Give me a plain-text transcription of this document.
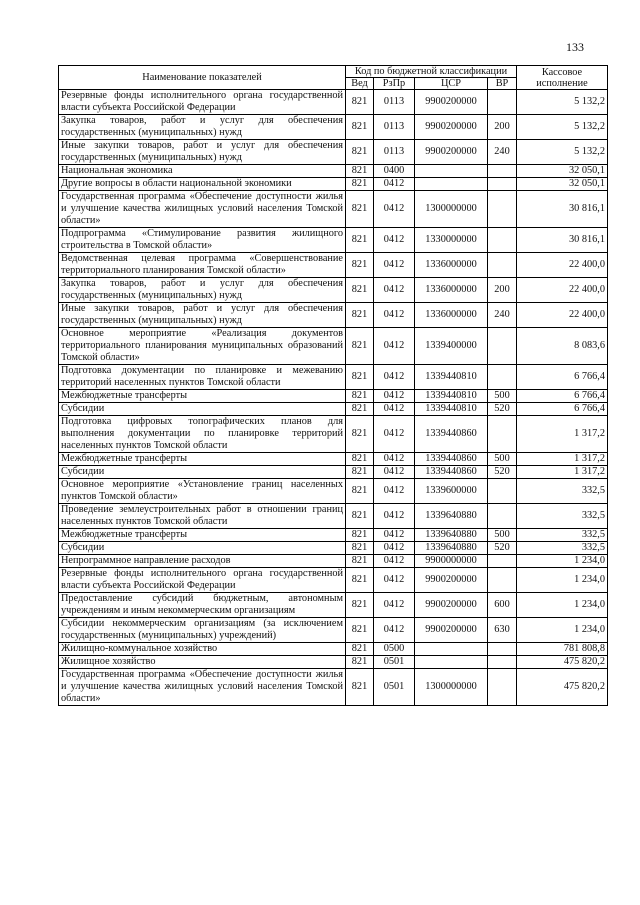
133
Наименование показателей	Код по бюджетной классификации				Кассовое исполнение
	Вед	РзПр	ЦСР	ВР	
Резервные фонды исполнительного органа государственной власти субъекта Российской Федерации	821	0113	9900200000		5 132,2
Закупка товаров, работ и услуг для обеспечения государственных (муниципальных) нужд	821	0113	9900200000	200	5 132,2
Иные закупки товаров, работ и услуг для обеспечения государственных (муниципальных) нужд	821	0113	9900200000	240	5 132,2
Национальная экономика	821	0400			32 050,1
Другие вопросы в области национальной экономики	821	0412			32 050,1
Государственная программа «Обеспечение доступности жилья и улучшение качества жилищных условий населения Томской области»	821	0412	1300000000		30 816,1
Подпрограмма «Стимулирование развития жилищного строительства в Томской области»	821	0412	1330000000		30 816,1
Ведомственная целевая программа «Совершенствование территориального планирования Томской области»	821	0412	1336000000		22 400,0
Закупка товаров, работ и услуг для обеспечения государственных (муниципальных) нужд	821	0412	1336000000	200	22 400,0
Иные закупки товаров, работ и услуг для обеспечения государственных (муниципальных) нужд	821	0412	1336000000	240	22 400,0
Основное мероприятие «Реализация документов территориального планирования муниципальных образований Томской области»	821	0412	1339400000		8 083,6
Подготовка документации по планировке и межеванию территорий населенных пунктов Томской области	821	0412	1339440810		6 766,4
Межбюджетные трансферты	821	0412	1339440810	500	6 766,4
Субсидии	821	0412	1339440810	520	6 766,4
Подготовка цифровых топографических планов для выполнения документации по планировке территорий населенных пунктов Томской области	821	0412	1339440860		1 317,2
Межбюджетные трансферты	821	0412	1339440860	500	1 317,2
Субсидии	821	0412	1339440860	520	1 317,2
Основное мероприятие «Установление границ населенных пунктов Томской области»	821	0412	1339600000		332,5
Проведение землеустроительных работ в отношении границ населенных пунктов Томской области	821	0412	1339640880		332,5
Межбюджетные трансферты	821	0412	1339640880	500	332,5
Субсидии	821	0412	1339640880	520	332,5
Непрограммное направление расходов	821	0412	9900000000		1 234,0
Резервные фонды исполнительного органа государственной власти субъекта Российской Федерации	821	0412	9900200000		1 234,0
Предоставление субсидий бюджетным, автономным учреждениям и иным некоммерческим организациям	821	0412	9900200000	600	1 234,0
Субсидии некоммерческим организациям (за исключением государственных (муниципальных) учреждений)	821	0412	9900200000	630	1 234,0
Жилищно-коммунальное хозяйство	821	0500			781 808,8
Жилищное хозяйство	821	0501			475 820,2
Государственная программа «Обеспечение доступности жилья и улучшение качества жилищных условий населения Томской области»	821	0501	1300000000		475 820,2
